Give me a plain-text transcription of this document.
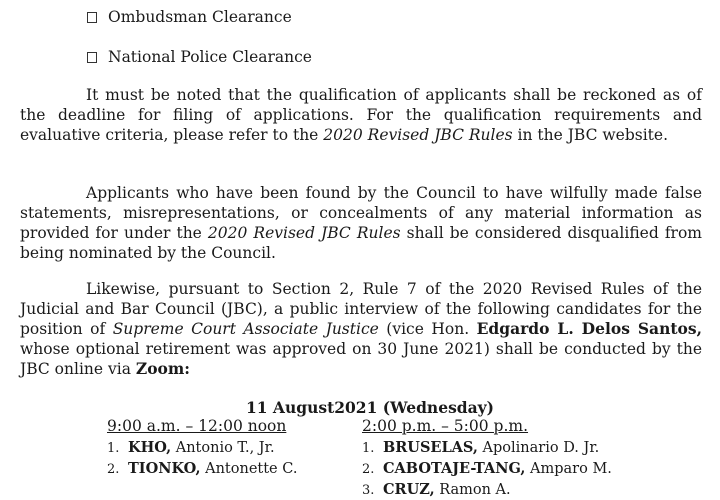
Ombudsman Clearance
National Police Clearance

It must be noted that the qualification of applicants shall be reckoned as of the deadline for filing of applications. For the qualification requirements and evaluative criteria, please refer to the 2020 Revised JBC Rules in the JBC website.

Applicants who have been found by the Council to have wilfully made false statements, misrepresentations, or concealments of any material information as provided for under the 2020 Revised JBC Rules shall be considered disqualified from being nominated by the Council.

Likewise, pursuant to Section 2, Rule 7 of the 2020 Revised Rules of the Judicial and Bar Council (JBC), a public interview of the following candidates for the position of Supreme Court Associate Justice (vice Hon. Edgardo L. Delos Santos, whose optional retirement was approved on 30 June 2021) shall be conducted by the JBC online via Zoom:

11 August2021 (Wednesday)
9:00 a.m. – 12:00 noon
1. KHO, Antonio T., Jr.
2. TIONKO, Antonette C.
2:00 p.m. – 5:00 p.m.
1. BRUSELAS, Apolinario D. Jr.
2. CABOTAJE-TANG, Amparo M.
3. CRUZ, Ramon A.
